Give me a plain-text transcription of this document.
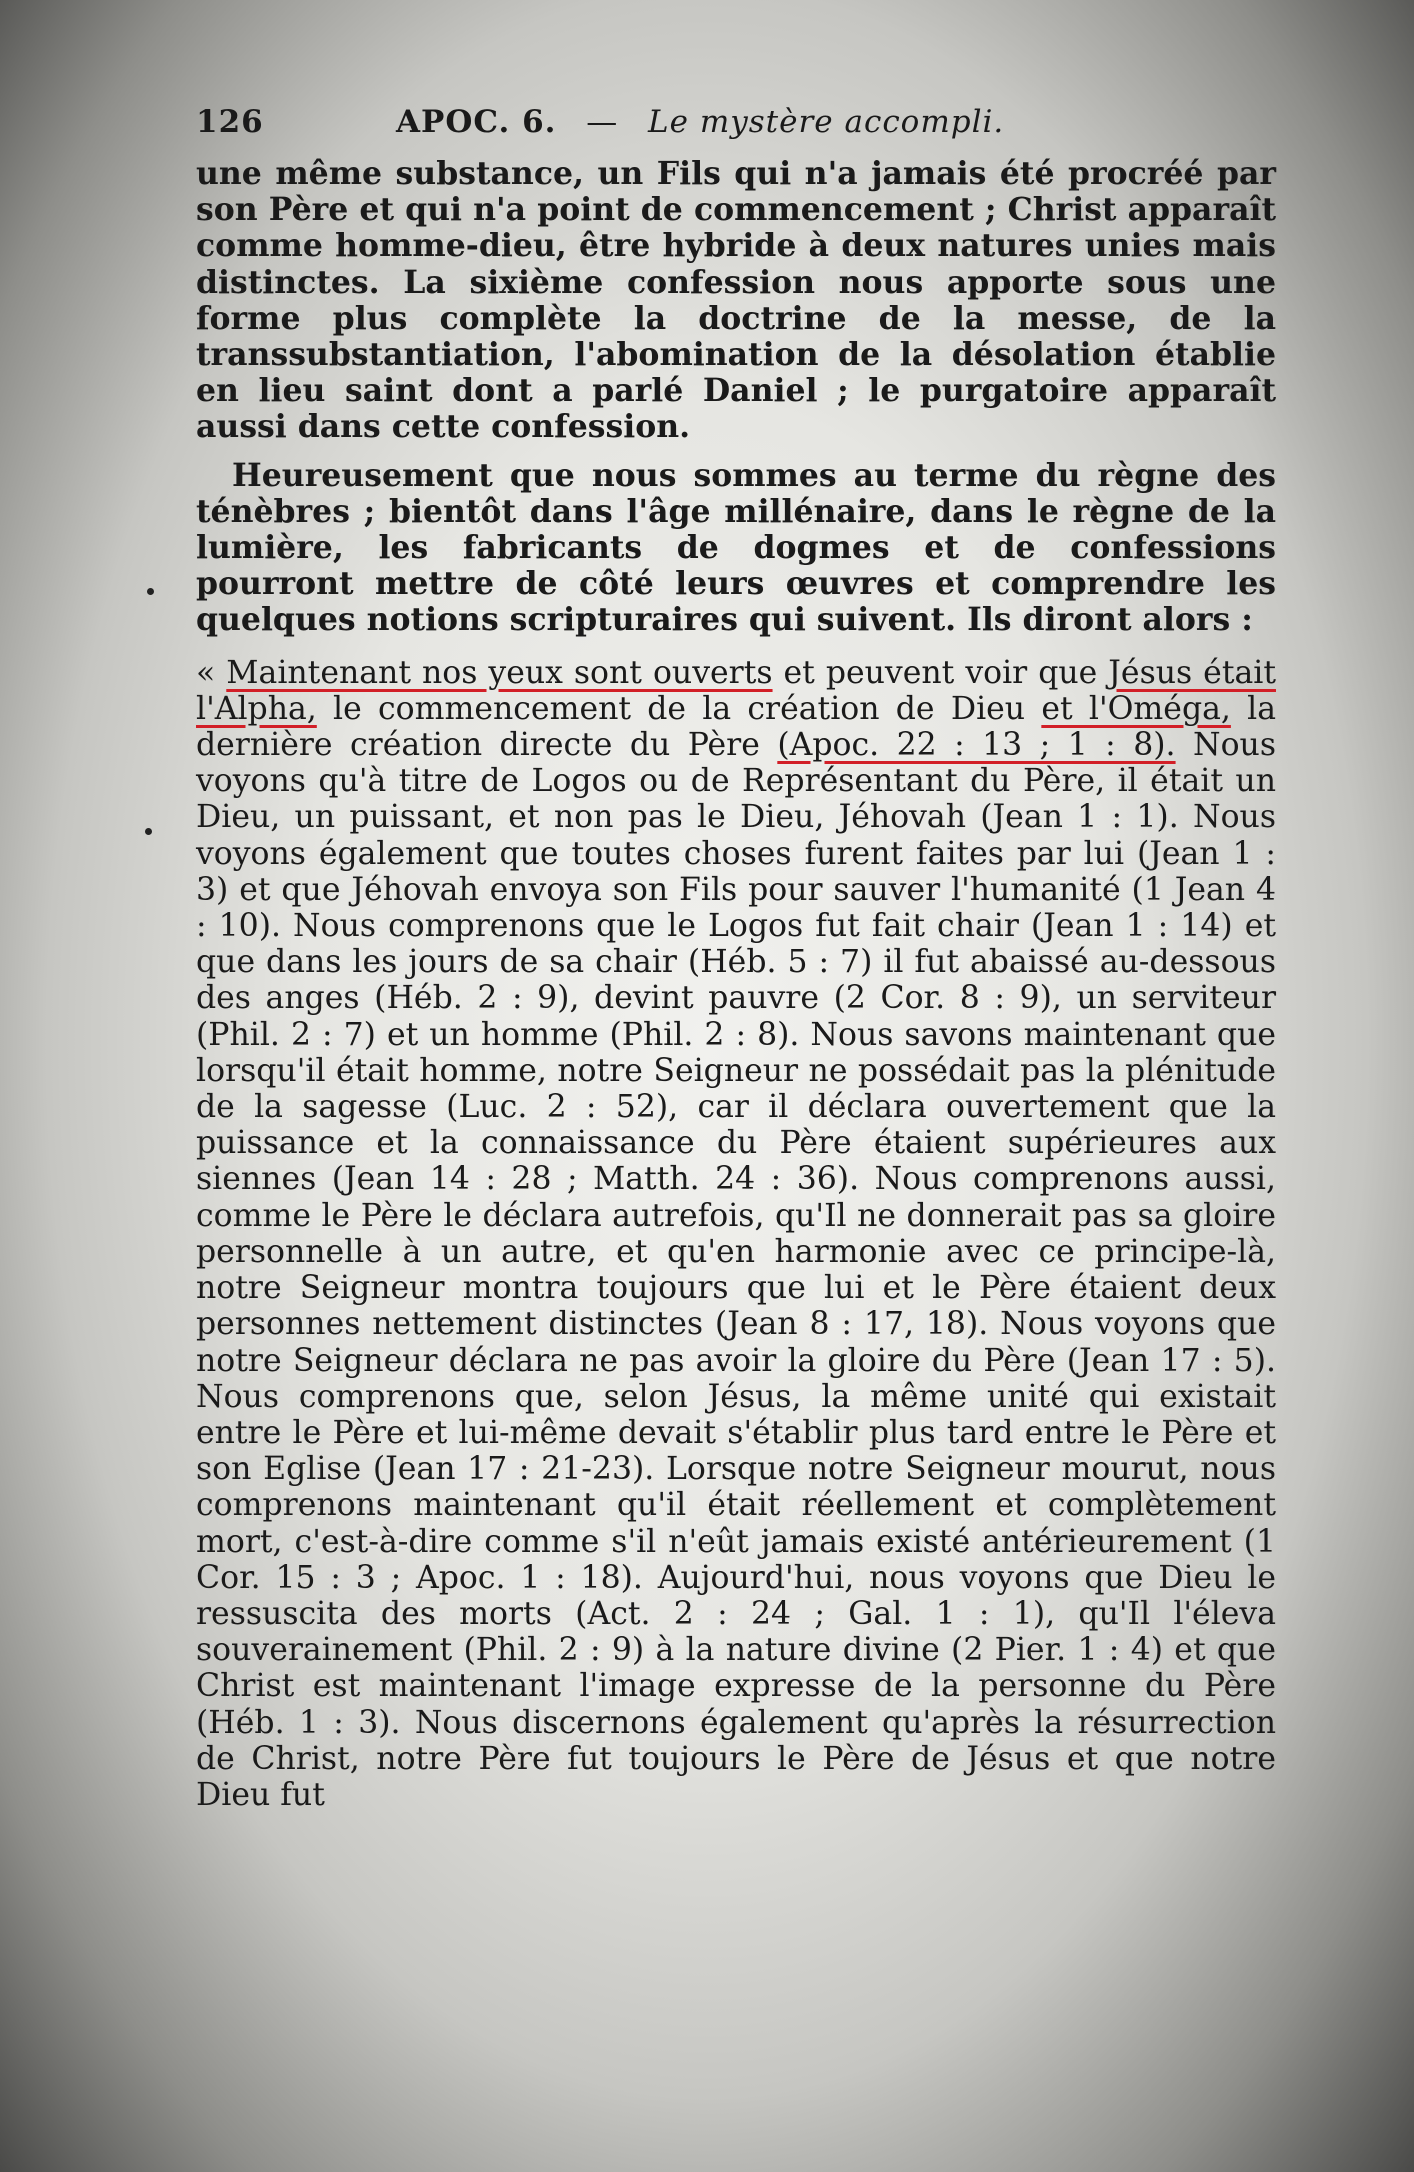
126	APOC. 6. — Le mystère accompli.

une même substance, un Fils qui n'a jamais été procréé par son Père et qui n'a point de commencement ; Christ apparaît comme homme-dieu, être hybride à deux natures unies mais distinctes. La sixième confession nous apporte sous une forme plus complète la doctrine de la messe, de la transsubstantiation, l'abomination de la désolation établie en lieu saint dont a parlé Daniel ; le purgatoire apparaît aussi dans cette confession.

Heureusement que nous sommes au terme du règne des ténèbres ; bientôt dans l'âge millénaire, dans le règne de la lumière, les fabricants de dogmes et de confessions pourront mettre de côté leurs œuvres et comprendre les quelques notions scripturaires qui suivent. Ils diront alors :

« Maintenant nos yeux sont ouverts et peuvent voir que Jésus était l'Alpha, le commencement de la création de Dieu et l'Oméga, la dernière création directe du Père (Apoc. 22 : 13 ; 1 : 8). Nous voyons qu'à titre de Logos ou de Représentant du Père, il était un Dieu, un puissant, et non pas le Dieu, Jéhovah (Jean 1 : 1). Nous voyons également que toutes choses furent faites par lui (Jean 1 : 3) et que Jéhovah envoya son Fils pour sauver l'humanité (1 Jean 4 : 10). Nous comprenons que le Logos fut fait chair (Jean 1 : 14) et que dans les jours de sa chair (Héb. 5 : 7) il fut abaissé au-dessous des anges (Héb. 2 : 9), devint pauvre (2 Cor. 8 : 9), un serviteur (Phil. 2 : 7) et un homme (Phil. 2 : 8). Nous savons maintenant que lorsqu'il était homme, notre Seigneur ne possédait pas la plénitude de la sagesse (Luc. 2 : 52), car il déclara ouvertement que la puissance et la connaissance du Père étaient supérieures aux siennes (Jean 14 : 28 ; Matth. 24 : 36). Nous comprenons aussi, comme le Père le déclara autrefois, qu'Il ne donnerait pas sa gloire personnelle à un autre, et qu'en harmonie avec ce principe-là, notre Seigneur montra toujours que lui et le Père étaient deux personnes nettement distinctes (Jean 8 : 17, 18). Nous voyons que notre Seigneur déclara ne pas avoir la gloire du Père (Jean 17 : 5). Nous comprenons que, selon Jésus, la même unité qui existait entre le Père et lui-même devait s'établir plus tard entre le Père et son Eglise (Jean 17 : 21-23). Lorsque notre Seigneur mourut, nous comprenons maintenant qu'il était réellement et complètement mort, c'est-à-dire comme s'il n'eût jamais existé antérieurement (1 Cor. 15 : 3 ; Apoc. 1 : 18). Aujourd'hui, nous voyons que Dieu le ressuscita des morts (Act. 2 : 24 ; Gal. 1 : 1), qu'Il l'éleva souverainement (Phil. 2 : 9) à la nature divine (2 Pier. 1 : 4) et que Christ est maintenant l'image expresse de la personne du Père (Héb. 1 : 3). Nous discernons également qu'après la résurrection de Christ, notre Père fut toujours le Père de Jésus et que notre Dieu fut
